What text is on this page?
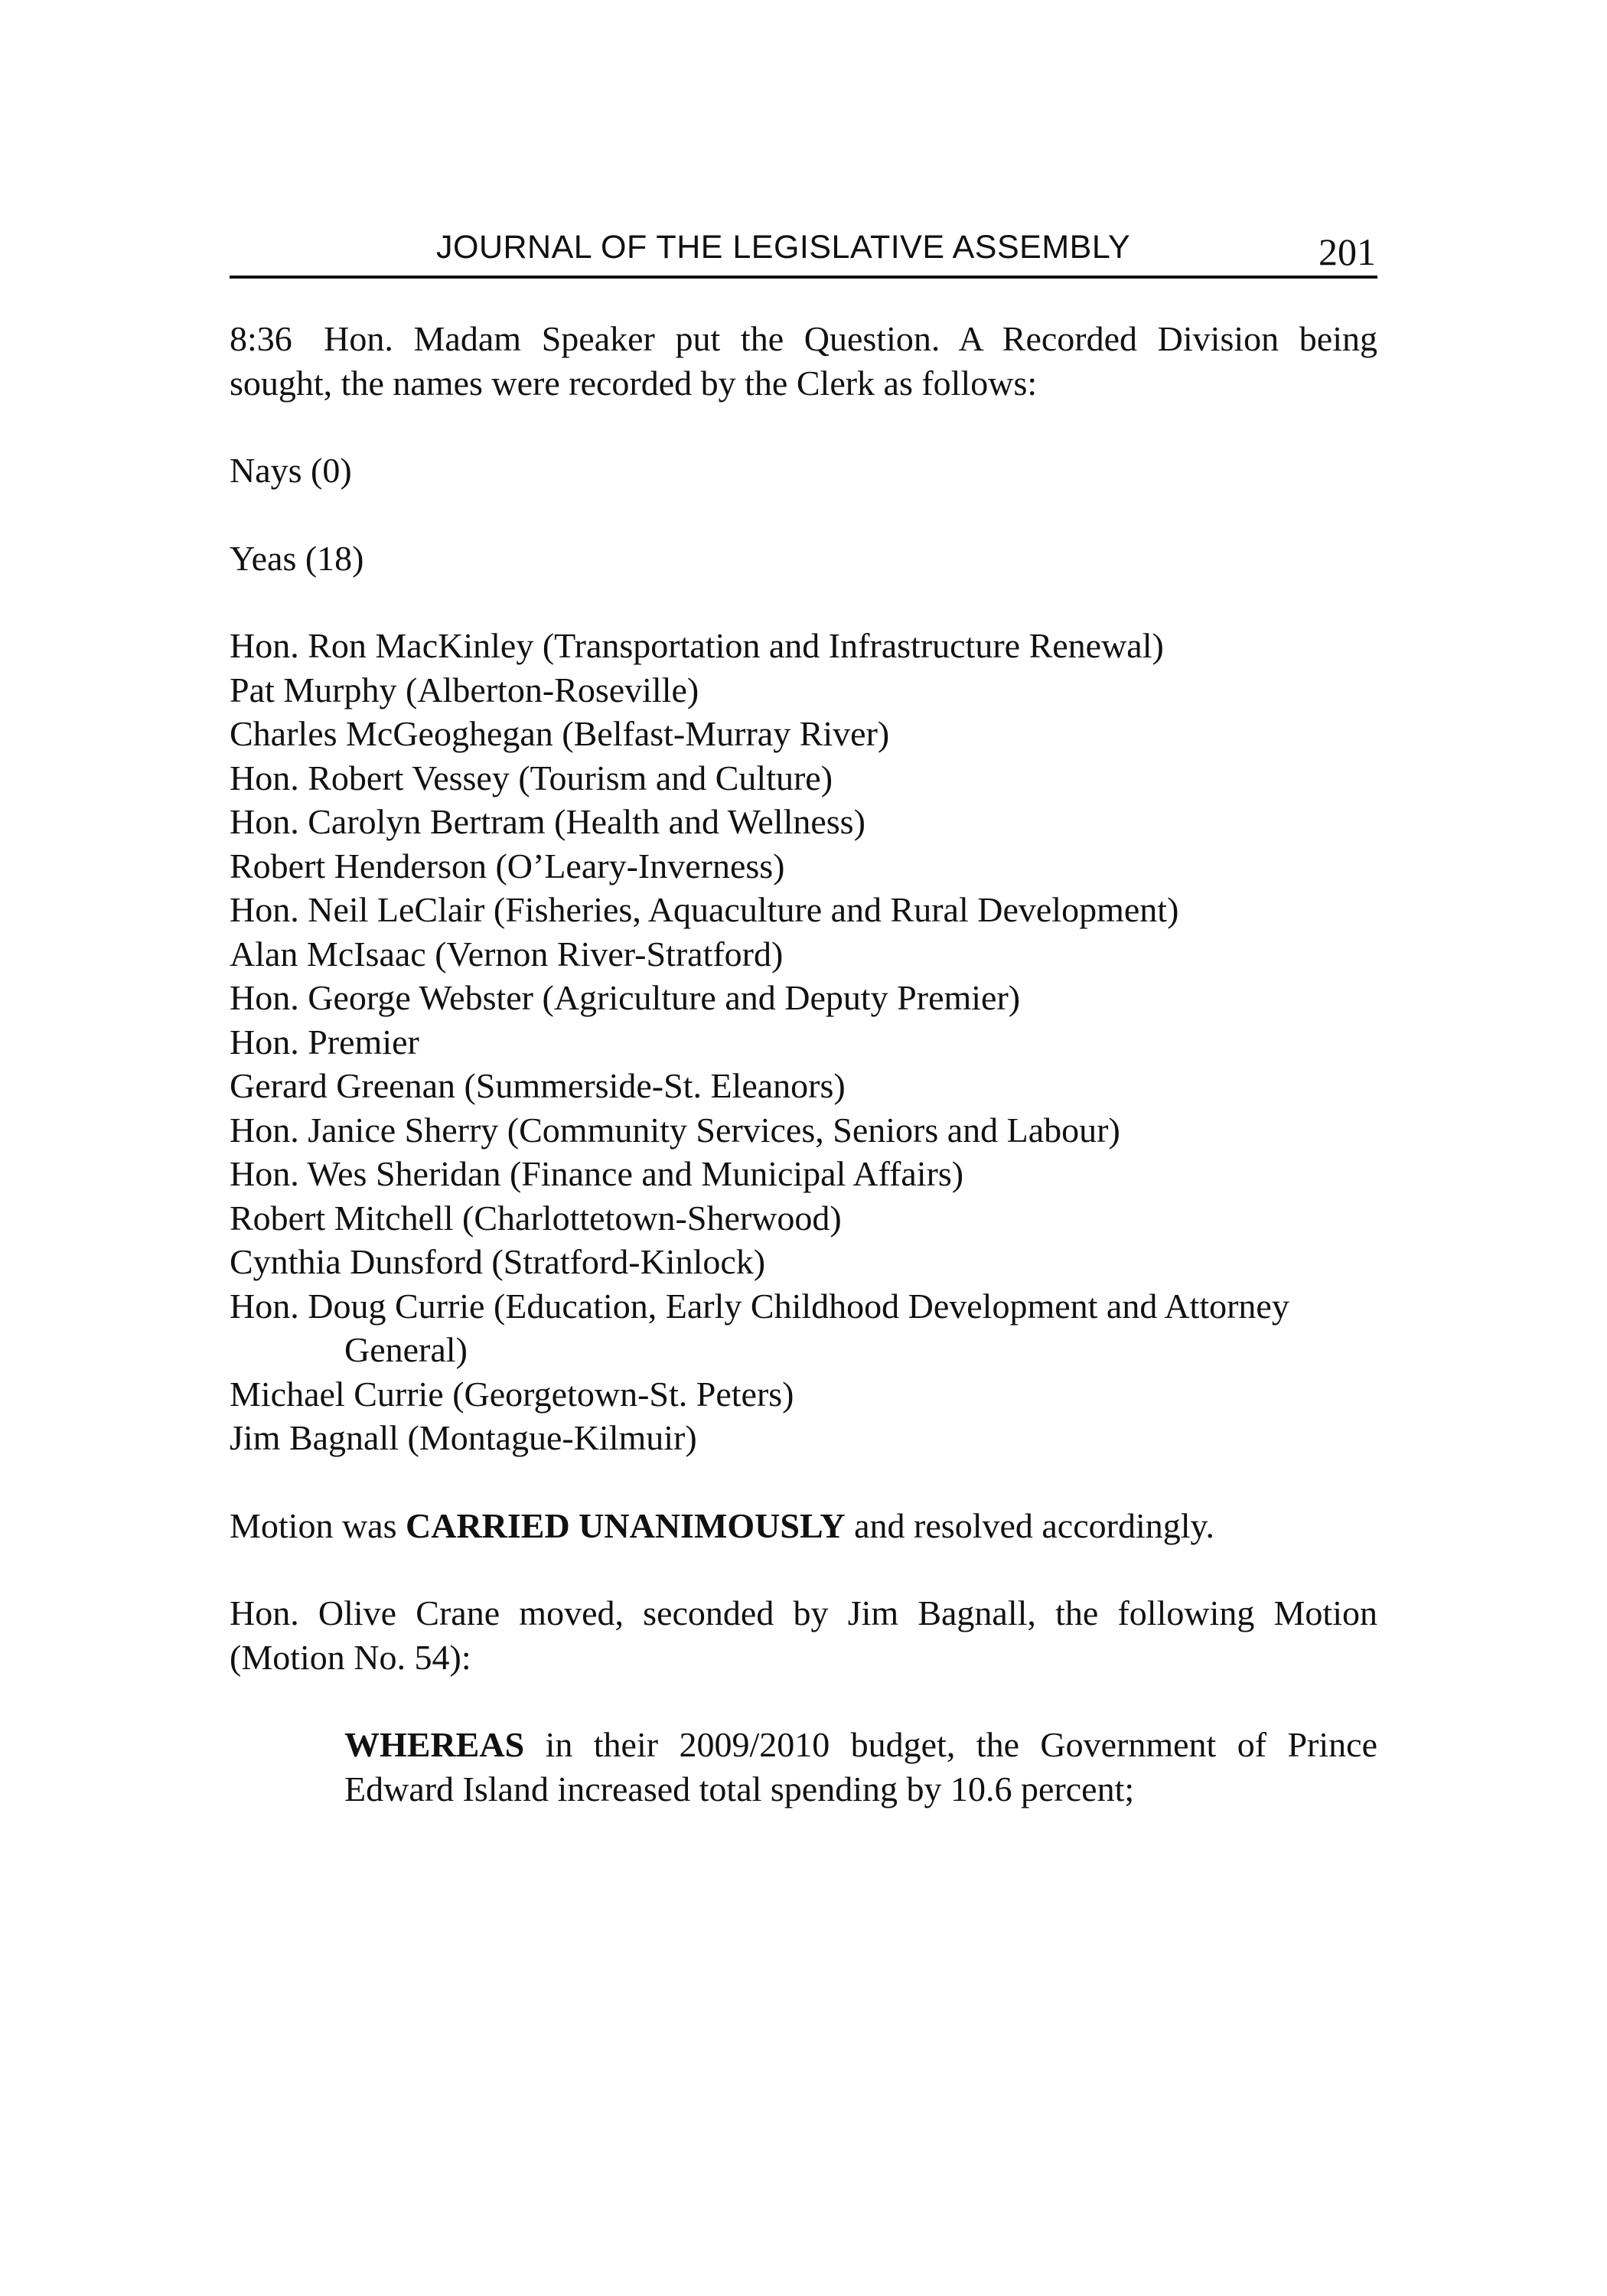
JOURNAL OF THE LEGISLATIVE ASSEMBLY	201

8:36 Hon. Madam Speaker put the Question. A Recorded Division being sought, the names were recorded by the Clerk as follows:

Nays (0)

Yeas (18)

Hon. Ron MacKinley (Transportation and Infrastructure Renewal)
Pat Murphy (Alberton-Roseville)
Charles McGeoghegan (Belfast-Murray River)
Hon. Robert Vessey (Tourism and Culture)
Hon. Carolyn Bertram (Health and Wellness)
Robert Henderson (O’Leary-Inverness)
Hon. Neil LeClair (Fisheries, Aquaculture and Rural Development)
Alan McIsaac (Vernon River-Stratford)
Hon. George Webster (Agriculture and Deputy Premier)
Hon. Premier
Gerard Greenan (Summerside-St. Eleanors)
Hon. Janice Sherry (Community Services, Seniors and Labour)
Hon. Wes Sheridan (Finance and Municipal Affairs)
Robert Mitchell (Charlottetown-Sherwood)
Cynthia Dunsford (Stratford-Kinlock)
Hon. Doug Currie (Education, Early Childhood Development and Attorney General)
Michael Currie (Georgetown-St. Peters)
Jim Bagnall (Montague-Kilmuir)

Motion was CARRIED UNANIMOUSLY and resolved accordingly.

Hon. Olive Crane moved, seconded by Jim Bagnall, the following Motion (Motion No. 54):

WHEREAS in their 2009/2010 budget, the Government of Prince Edward Island increased total spending by 10.6 percent;
